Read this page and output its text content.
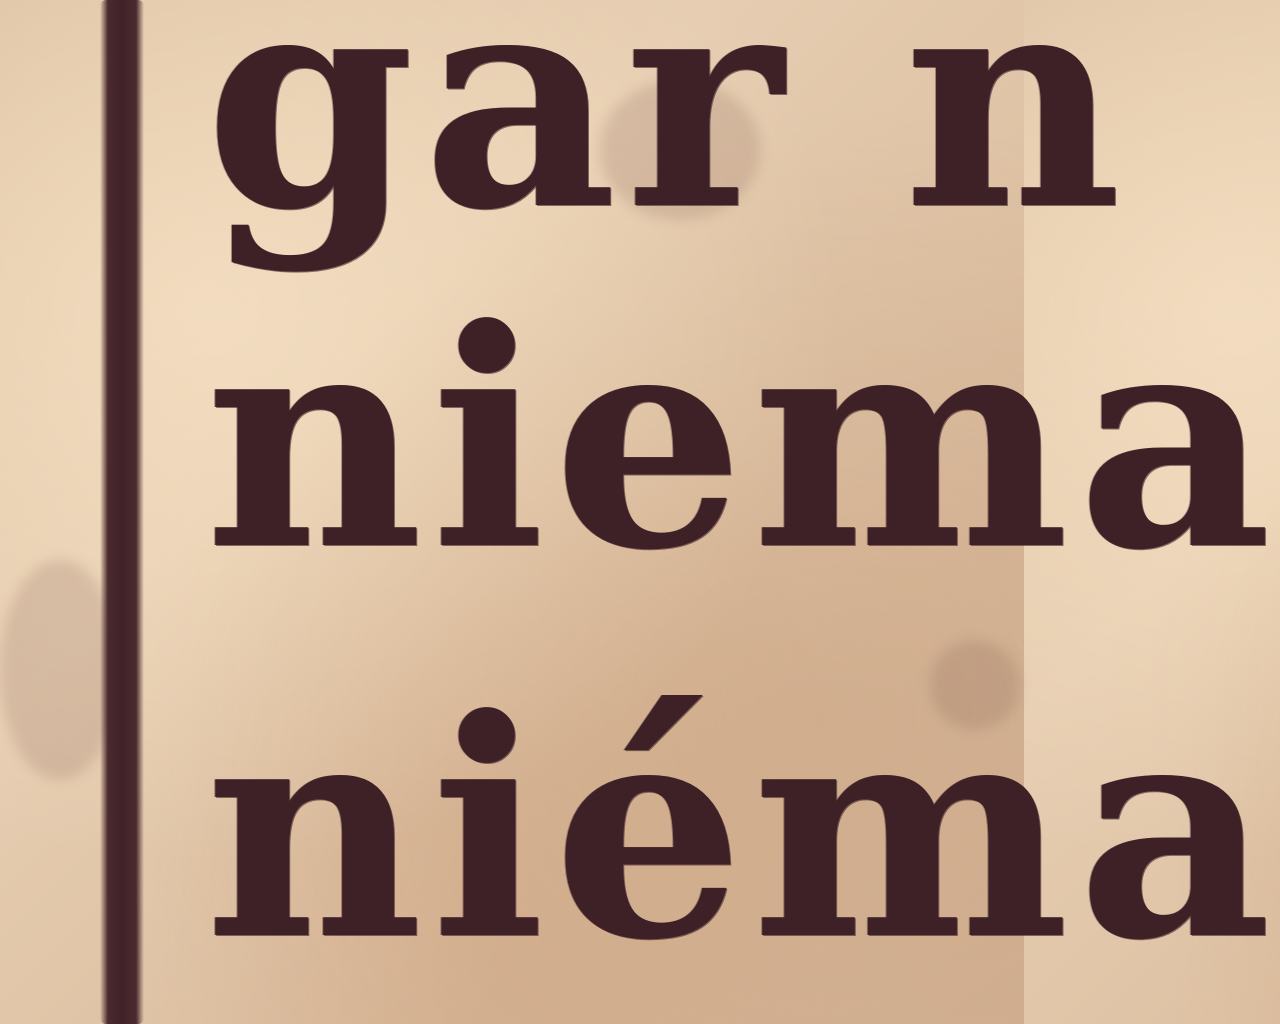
gar n
niema
niéma
